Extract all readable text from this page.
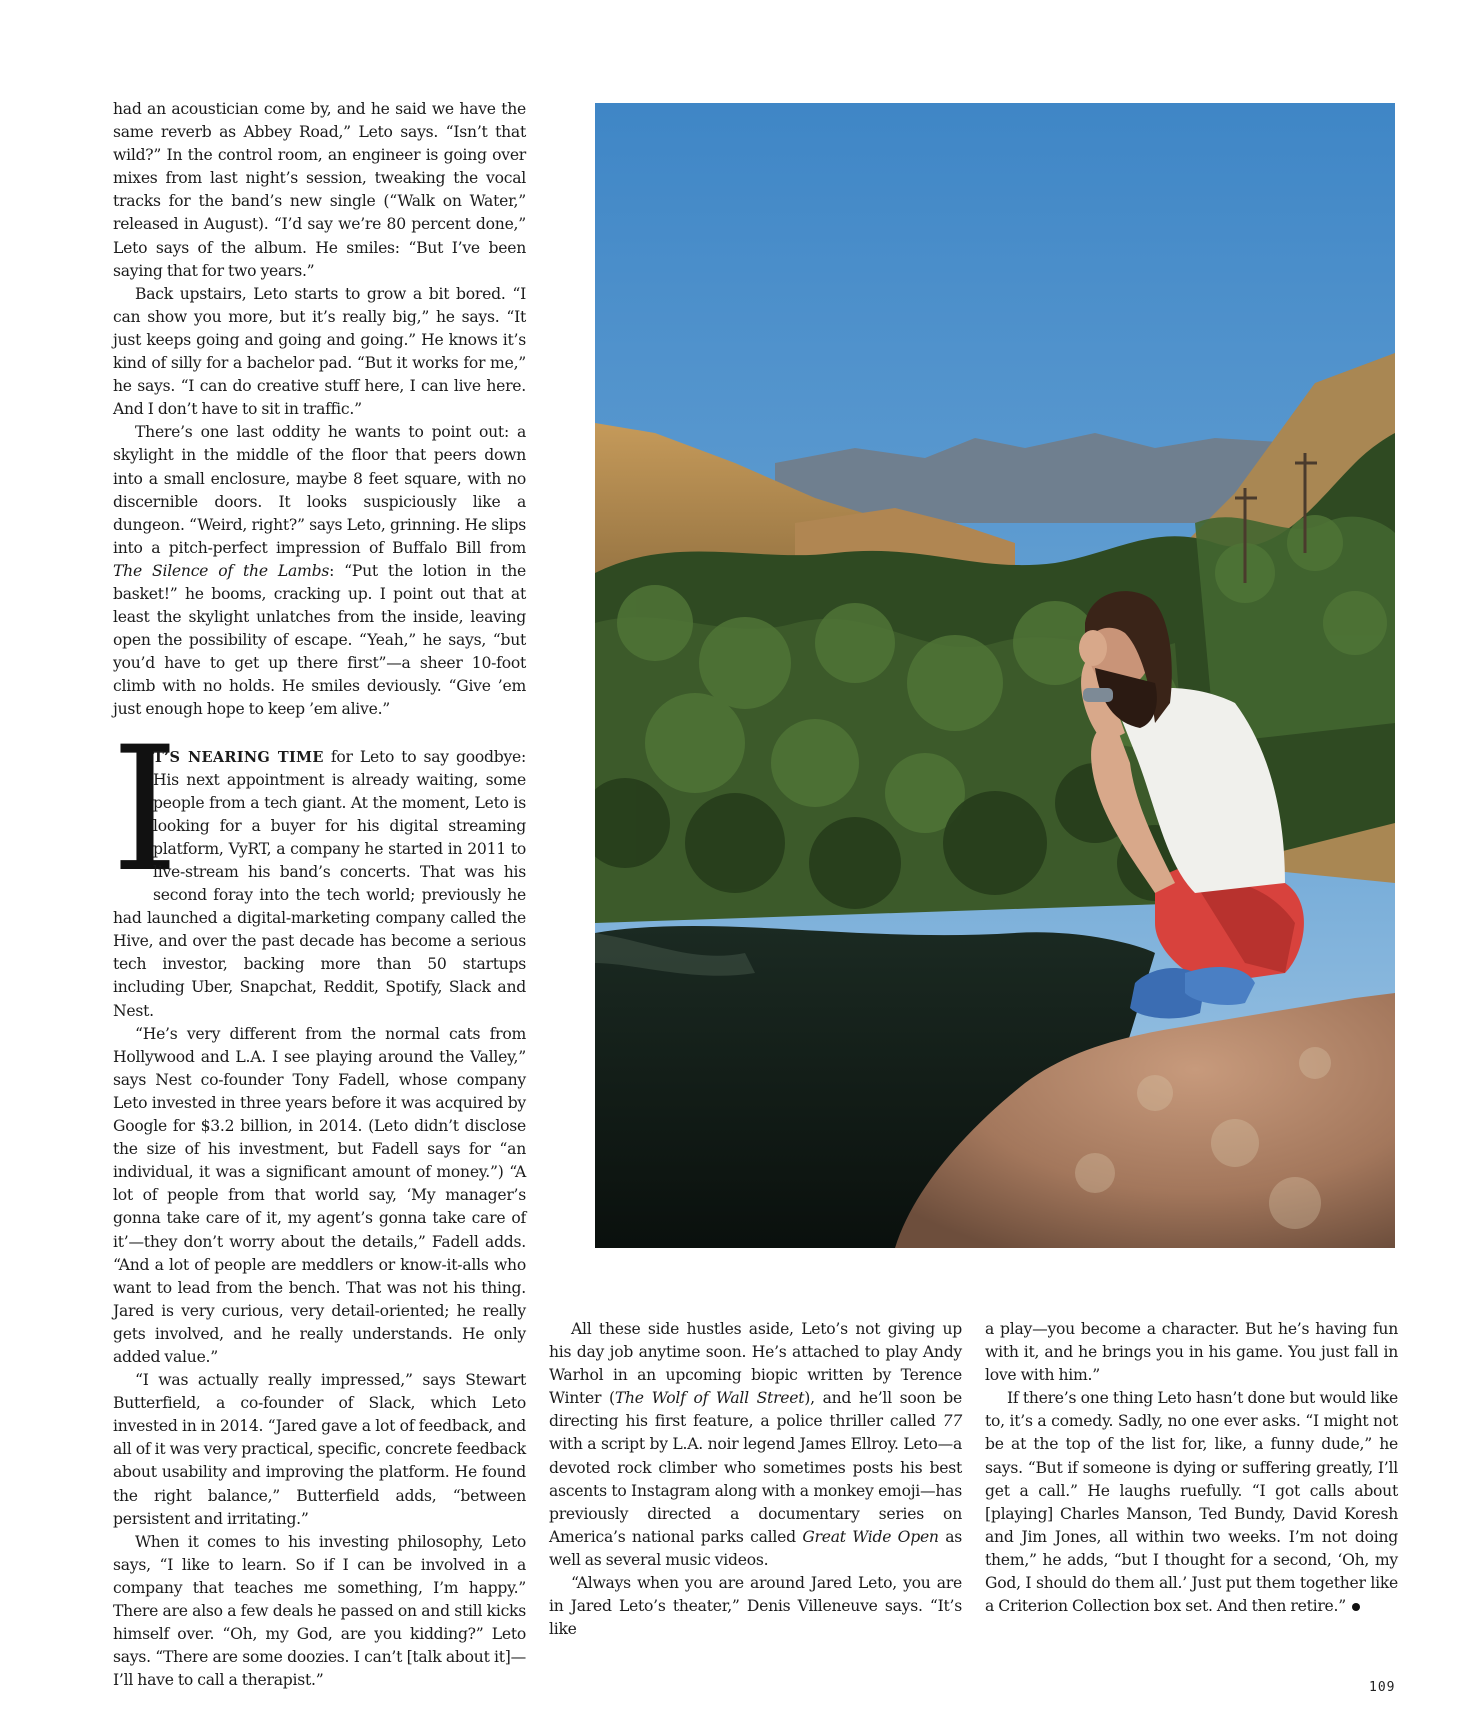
had an acoustician come by, and he said we have the same reverb as Abbey Road,” Leto says. “Isn’t that wild?” In the control room, an engineer is going over mixes from last night’s session, tweaking the vocal tracks for the band’s new single (“Walk on Water,” released in August). “I’d say we’re 80 percent done,” Leto says of the album. He smiles: “But I’ve been saying that for two years.”

Back upstairs, Leto starts to grow a bit bored. “I can show you more, but it’s really big,” he says. “It just keeps going and going and going.” He knows it’s kind of silly for a bachelor pad. “But it works for me,” he says. “I can do creative stuff here, I can live here. And I don’t have to sit in traffic.”

There’s one last oddity he wants to point out: a skylight in the middle of the floor that peers down into a small enclosure, maybe 8 feet square, with no discernible doors. It looks suspiciously like a dungeon. “Weird, right?” says Leto, grinning. He slips into a pitch-perfect impression of Buffalo Bill from The Silence of the Lambs: “Put the lotion in the basket!” he booms, cracking up. I point out that at least the skylight unlatches from the inside, leaving open the possibility of escape. “Yeah,” he says, “but you’d have to get up there first”—a sheer 10-foot climb with no holds. He smiles deviously. “Give ’em just enough hope to keep ’em alive.”

I
T’S NEARING TIME for Leto to say goodbye: His next appointment is already waiting, some people from a tech giant. At the moment, Leto is looking for a buyer for his digital streaming platform, VyRT, a company he started in 2011 to live-stream his band’s concerts. That was his second foray into the tech world; previously he had launched a digital-marketing company called the Hive, and over the past decade has become a serious tech investor, backing more than 50 startups including Uber, Snapchat, Reddit, Spotify, Slack and Nest.

“He’s very different from the normal cats from Hollywood and L.A. I see playing around the Valley,” says Nest co-founder Tony Fadell, whose company Leto invested in three years before it was acquired by Google for $3.2 billion, in 2014. (Leto didn’t disclose the size of his investment, but Fadell says for “an individual, it was a significant amount of money.”) “A lot of people from that world say, ‘My manager’s gonna take care of it, my agent’s gonna take care of it’—they don’t worry about the details,” Fadell adds. “And a lot of people are meddlers or know-it-alls who want to lead from the bench. That was not his thing. Jared is very curious, very detail-oriented; he really gets involved, and he really understands. He only added value.”

“I was actually really impressed,” says Stewart Butterfield, a co-founder of Slack, which Leto invested in in 2014. “Jared gave a lot of feedback, and all of it was very practical, specific, concrete feedback about usability and improving the platform. He found the right balance,” Butterfield adds, “between persistent and irritating.”

When it comes to his investing philosophy, Leto says, “I like to learn. So if I can be involved in a company that teaches me something, I’m happy.” There are also a few deals he passed on and still kicks himself over. “Oh, my God, are you kidding?” Leto says. “There are some doozies. I can’t [talk about it]—I’ll have to call a therapist.”

All these side hustles aside, Leto’s not giving up his day job anytime soon. He’s attached to play Andy Warhol in an upcoming biopic written by Terence Winter (The Wolf of Wall Street), and he’ll soon be directing his first feature, a police thriller called 77 with a script by L.A. noir legend James Ellroy. Leto—a devoted rock climber who sometimes posts his best ascents to Instagram along with a monkey emoji—has previously directed a documentary series on America’s national parks called Great Wide Open as well as several music videos.

“Always when you are around Jared Leto, you are in Jared Leto’s theater,” Denis Villeneuve says. “It’s like

a play—you become a character. But he’s having fun with it, and he brings you in his game. You just fall in love with him.”

If there’s one thing Leto hasn’t done but would like to, it’s a comedy. Sadly, no one ever asks. “I might not be at the top of the list for, like, a funny dude,” he says. “But if someone is dying or suffering greatly, I’ll get a call.” He laughs ruefully. “I got calls about [playing] Charles Manson, Ted Bundy, David Koresh and Jim Jones, all within two weeks. I’m not doing them,” he adds, “but I thought for a second, ‘Oh, my God, I should do them all.’ Just put them together like a Criterion Collection box set. And then retire.”

109
